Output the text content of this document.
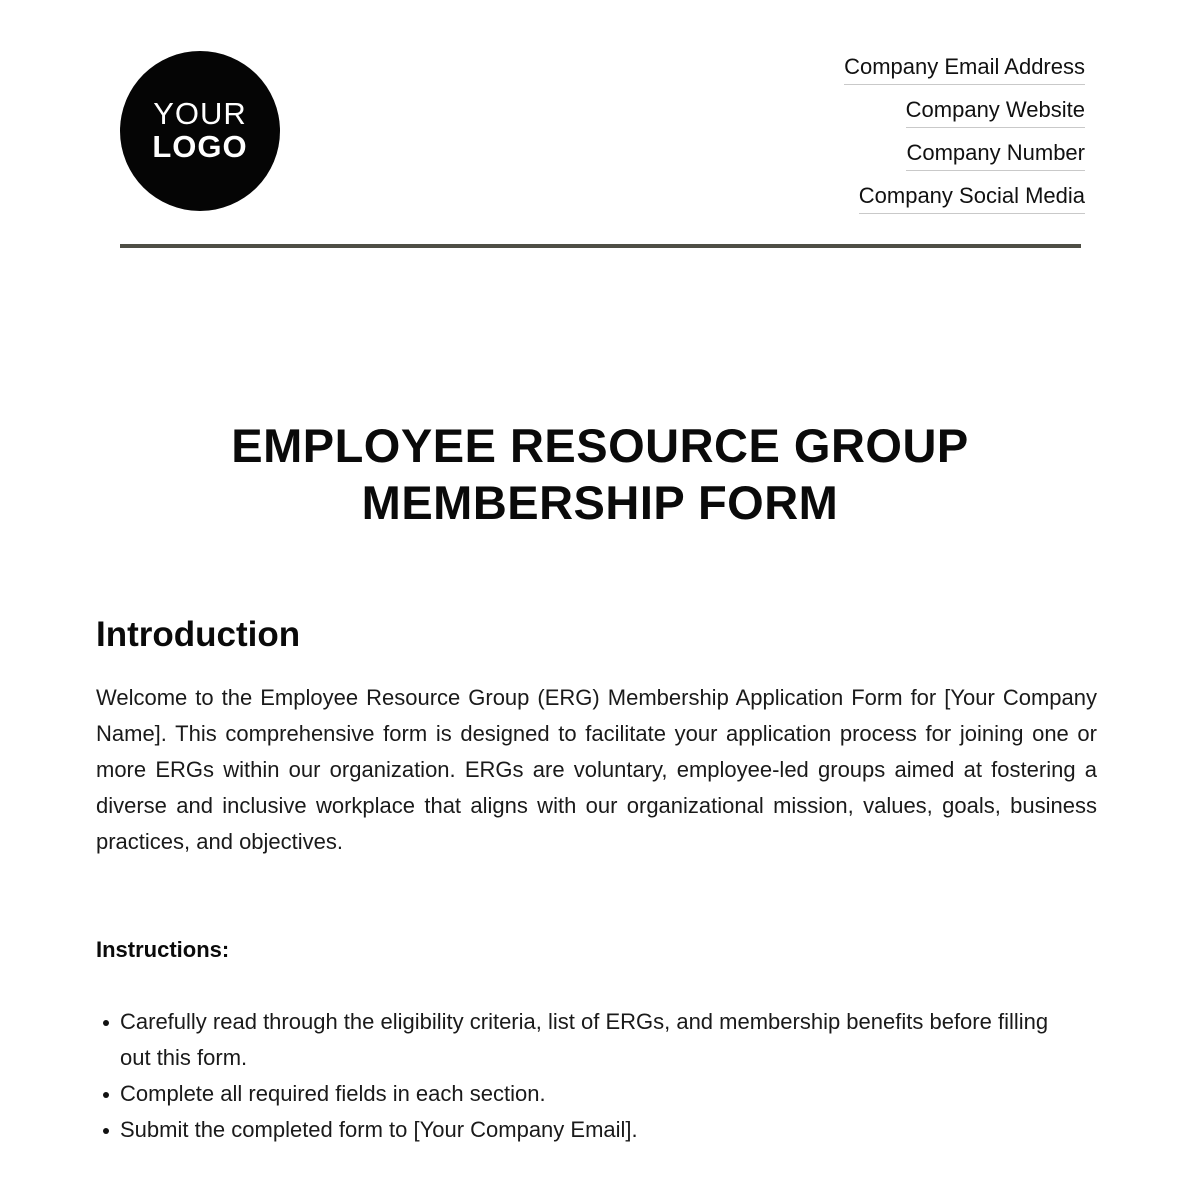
YOUR
LOGO
Company Email Address
Company Website
Company Number
Company Social Media
EMPLOYEE RESOURCE GROUP
MEMBERSHIP FORM
Introduction

Welcome to the Employee Resource Group (ERG) Membership Application Form for [Your Company Name]. This comprehensive form is designed to facilitate your application process for joining one or more ERGs within our organization. ERGs are voluntary, employee-led groups aimed at fostering a diverse and inclusive workplace that aligns with our organizational mission, values, goals, business practices, and objectives.

Instructions:
Carefully read through the eligibility criteria, list of ERGs, and membership benefits before filling out this form.
Complete all required fields in each section.
Submit the completed form to [Your Company Email].
